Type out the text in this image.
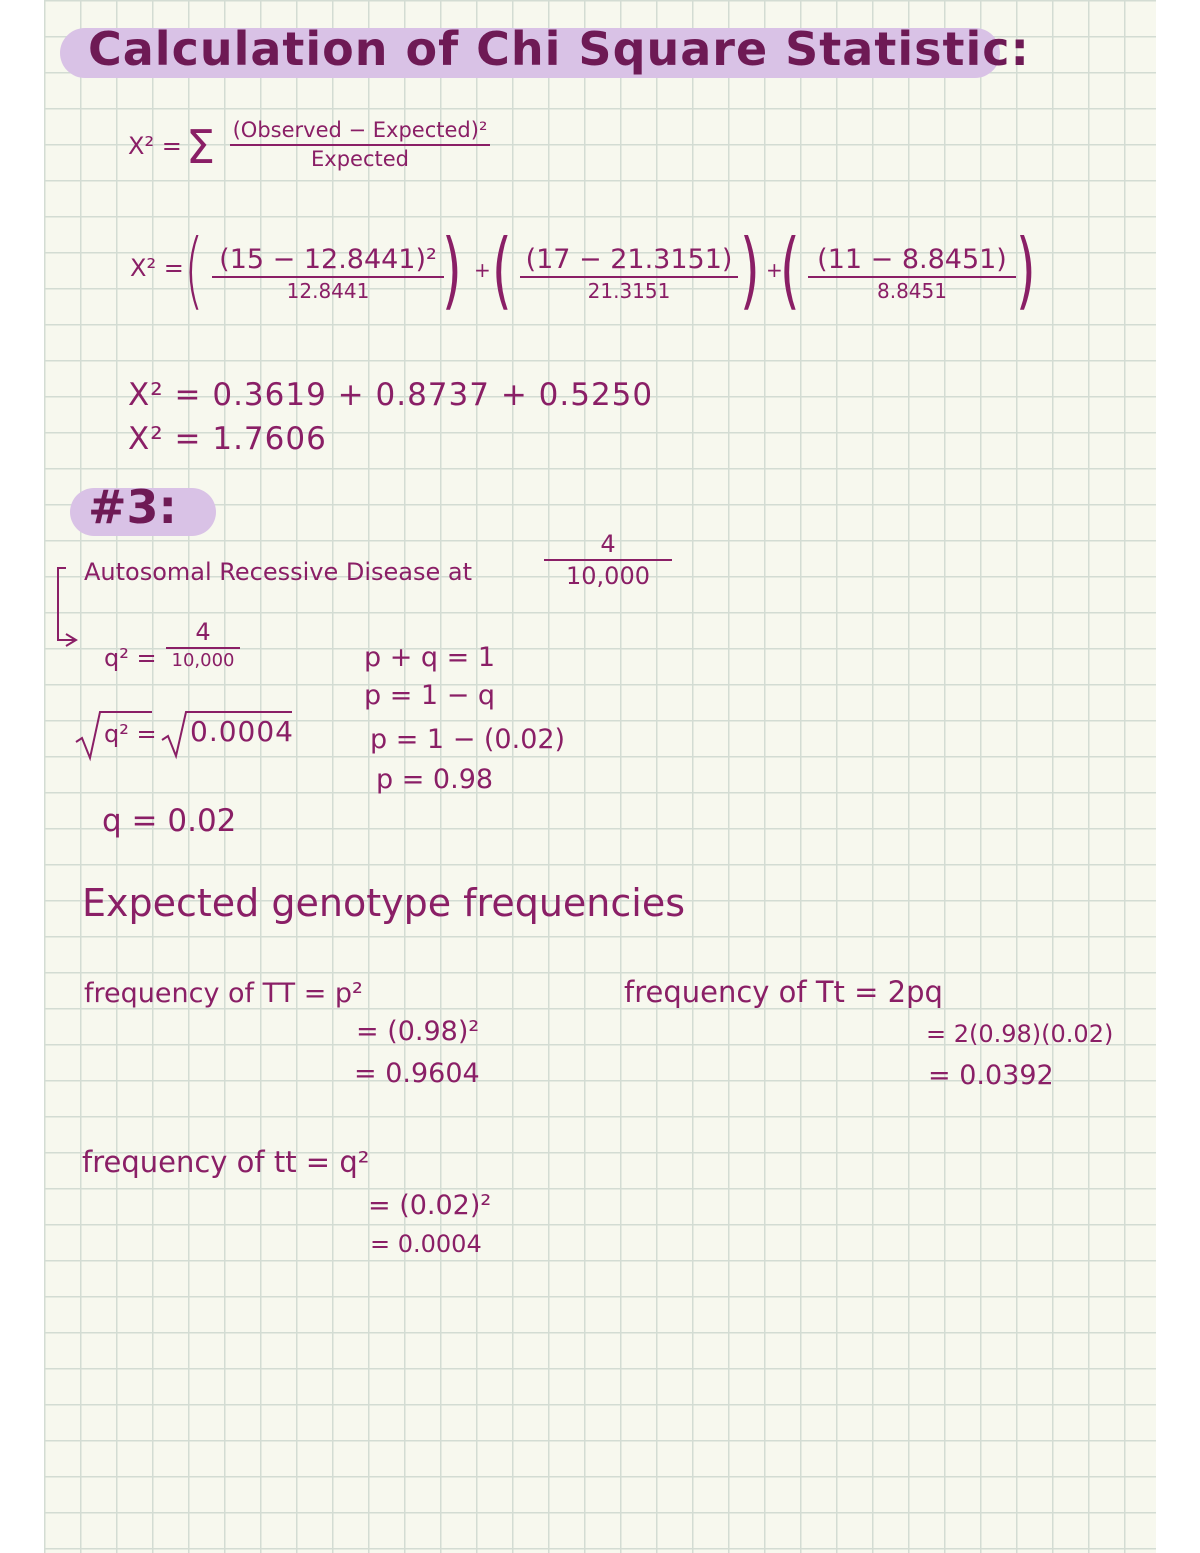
Calculation of Chi Square Statistic:
X² = Σ (Observed − Expected)²
Expected
X² = ( (15 − 12.8441)²
12.8441 ) + ( (17 − 21.3151)
21.3151 ) +
( (11 − 8.8451)
8.8451 )
X² = 0.3619 + 0.8737 + 0.5250
X² = 1.7606
#3:
Autosomal Recessive Disease at
4
10,000
q² =
4
10,000
q² = 0.0004
q = 0.02
p + q = 1
p = 1 − q
p = 1 − (0.02)
p = 0.98
Expected genotype frequencies
frequency of TT = p²
= (0.98)²
= 0.9604
frequency of Tt = 2pq
= 2(0.98)(0.02)
= 0.0392
frequency of tt = q²
= (0.02)²
= 0.0004
